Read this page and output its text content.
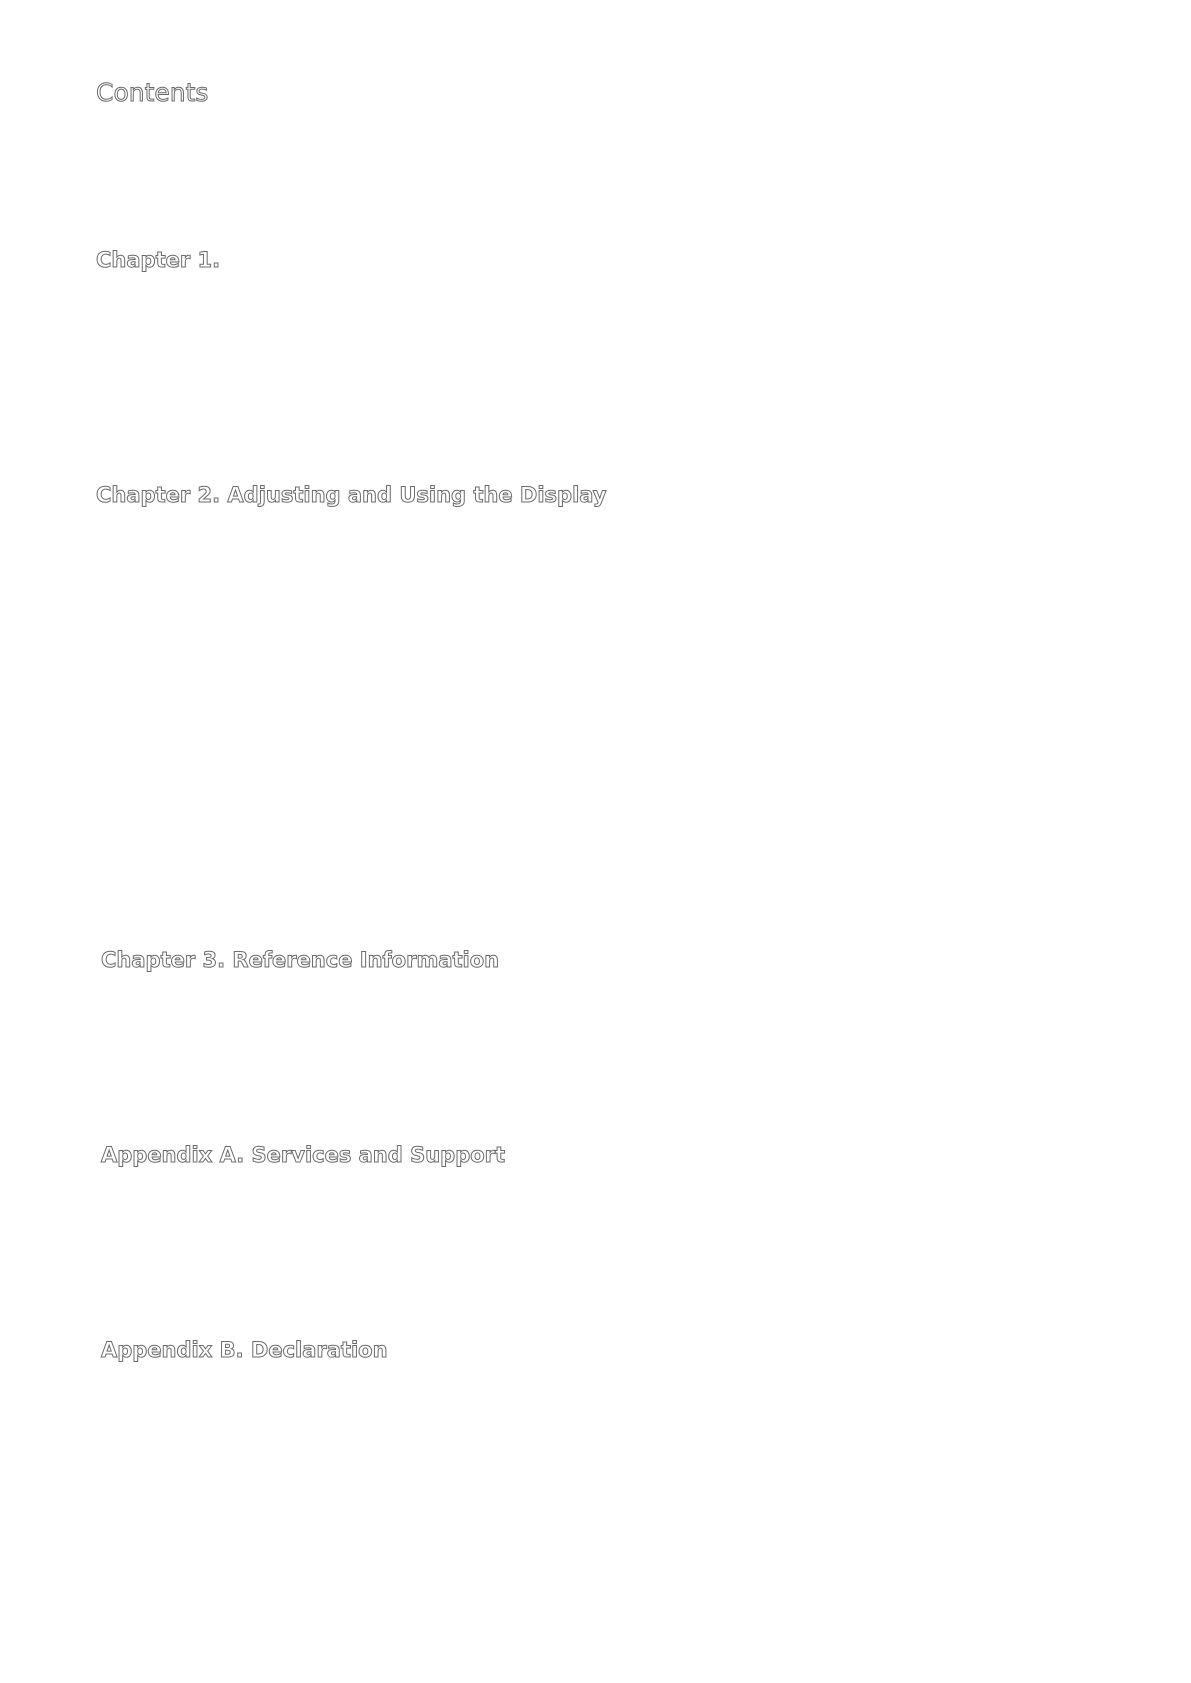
Contents
Chapter 1.
Chapter 2. Adjusting and Using the Display
Chapter 3. Reference Information
Appendix A. Services and Support
Appendix B. Declaration
